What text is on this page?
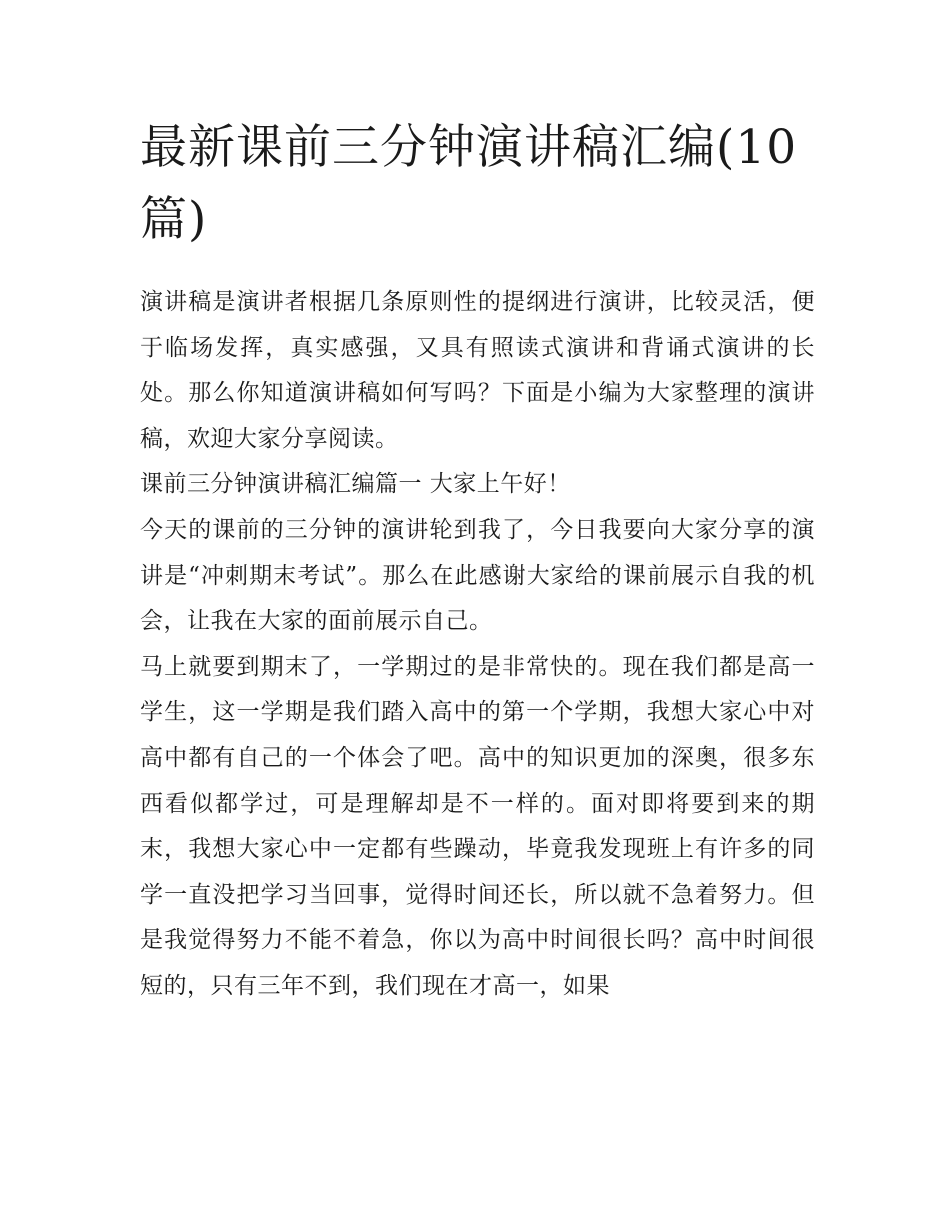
最新课前三分钟演讲稿汇编(10篇)

演讲稿是演讲者根据几条原则性的提纲进行演讲，比较灵活，便于临场发挥，真实感强，又具有照读式演讲和背诵式演讲的长处。那么你知道演讲稿如何写吗？下面是小编为大家整理的演讲稿，欢迎大家分享阅读。

课前三分钟演讲稿汇编篇一 大家上午好！

今天的课前的三分钟的演讲轮到我了，今日我要向大家分享的演讲是“冲刺期末考试”。那么在此感谢大家给的课前展示自我的机会，让我在大家的面前展示自己。

马上就要到期末了，一学期过的是非常快的。现在我们都是高一学生，这一学期是我们踏入高中的第一个学期，我想大家心中对高中都有自己的一个体会了吧。高中的知识更加的深奥，很多东西看似都学过，可是理解却是不一样的。面对即将要到来的期末，我想大家心中一定都有些躁动，毕竟我发现班上有许多的同学一直没把学习当回事，觉得时间还长，所以就不急着努力。但是我觉得努力不能不着急，你以为高中时间很长吗？高中时间很短的，只有三年不到，我们现在才高一，如果
